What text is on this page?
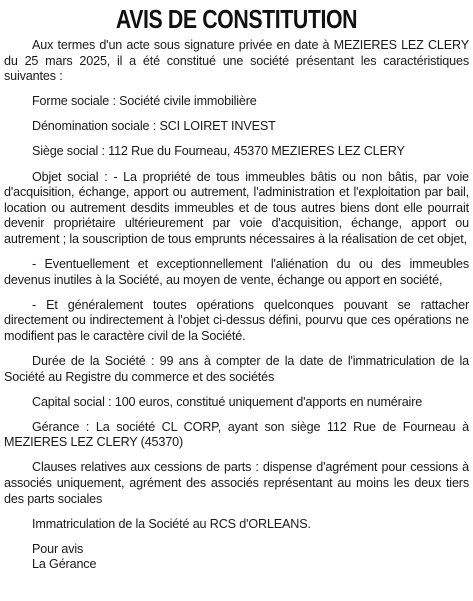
AVIS DE CONSTITUTION

Aux termes d'un acte sous signature privée en date à MEZIERES LEZ CLERY du 25 mars 2025, il a été constitué une société présentant les caractéristiques suivantes :

Forme sociale : Société civile immobilière

Dénomination sociale : SCI LOIRET INVEST

Siège social : 112 Rue du Fourneau, 45370 MEZIERES LEZ CLERY

Objet social : - La propriété de tous immeubles bâtis ou non bâtis, par voie d'acquisition, échange, apport ou autrement, l'administration et l'exploitation par bail, location ou autrement desdits immeubles et de tous autres biens dont elle pourrait devenir propriétaire ultérieurement par voie d'acquisition, échange, apport ou autrement ; la souscription de tous emprunts nécessaires à la réalisation de cet objet,

- Eventuellement et exceptionnellement l'aliénation du ou des immeubles devenus inutiles à la Société, au moyen de vente, échange ou apport en société,

- Et généralement toutes opérations quelconques pouvant se rattacher directement ou indirectement à l'objet ci-dessus défini, pourvu que ces opérations ne modifient pas le caractère civil de la Société.

Durée de la Société : 99 ans à compter de la date de l'immatriculation de la Société au Registre du commerce et des sociétés

Capital social : 100 euros, constitué uniquement d'apports en numéraire

Gérance : La société CL CORP, ayant son siège 112 Rue de Fourneau à MEZIERES LEZ CLERY (45370)

Clauses relatives aux cessions de parts : dispense d'agrément pour cessions à associés uniquement, agrément des associés représentant au moins les deux tiers des parts sociales

Immatriculation de la Société au RCS d'ORLEANS.

Pour avis

La Gérance
